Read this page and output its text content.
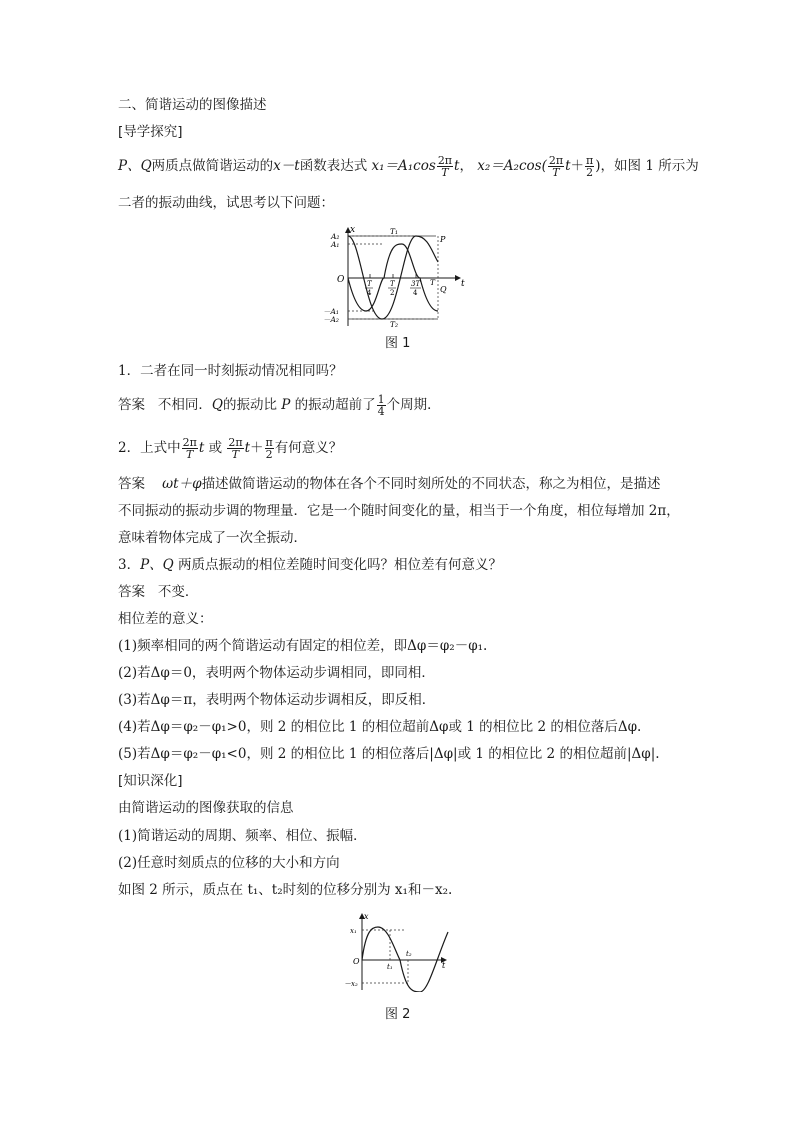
二、简谐运动的图像描述
[导学探究]
P、Q两质点做简谐运动的x－t函数表达式 $x_1=A_1\cos \frac{2\pi}{T}$ t， $x_2=A_2\cos( \frac{2\pi}{T} t+ \frac{\pi}{2}$ )，如图 1 所示为
二者的振动曲线，试思考以下问题：
x
t
O
A₂
A₁
－A₁
－A₂
T₁
T₂
P
Q
T
T
4
T
2
3T
4
图 1
1．二者在同一时刻振动情况相同吗？
答案 不相同．Q的振动比 P 的振动超前了 $\frac{1}{4}$ 个周期．
2．上式中 $\frac{2\pi}{T}$ t 或 $\frac{2\pi}{T} t+ \frac{\pi}{2}$ 有何意义？
答案 ωt＋φ描述做简谐运动的物体在各个不同时刻所处的不同状态，称之为相位，是描述
不同振动的振动步调的物理量．它是一个随时间变化的量，相当于一个角度，相位每增加 2π，
意味着物体完成了一次全振动．
3．P、Q 两质点振动的相位差随时间变化吗？相位差有何意义？
答案 不变．
相位差的意义：
(1)频率相同的两个简谐运动有固定的相位差，即Δφ＝φ₂－φ₁.
(2)若Δφ＝0，表明两个物体运动步调相同，即同相．
(3)若Δφ＝π，表明两个物体运动步调相反，即反相．
(4)若Δφ＝φ₂－φ₁>0，则 2 的相位比 1 的相位超前Δφ或 1 的相位比 2 的相位落后Δφ.
(5)若Δφ＝φ₂－φ₁<0，则 2 的相位比 1 的相位落后|Δφ|或 1 的相位比 2 的相位超前|Δφ|.
[知识深化]
由简谐运动的图像获取的信息
(1)简谐运动的周期、频率、相位、振幅．
(2)任意时刻质点的位移的大小和方向
如图 2 所示，质点在 t₁、t₂时刻的位移分别为 x₁和－x₂.
x
t
O
x₁
－x₂
t₁
t₂
图 2
